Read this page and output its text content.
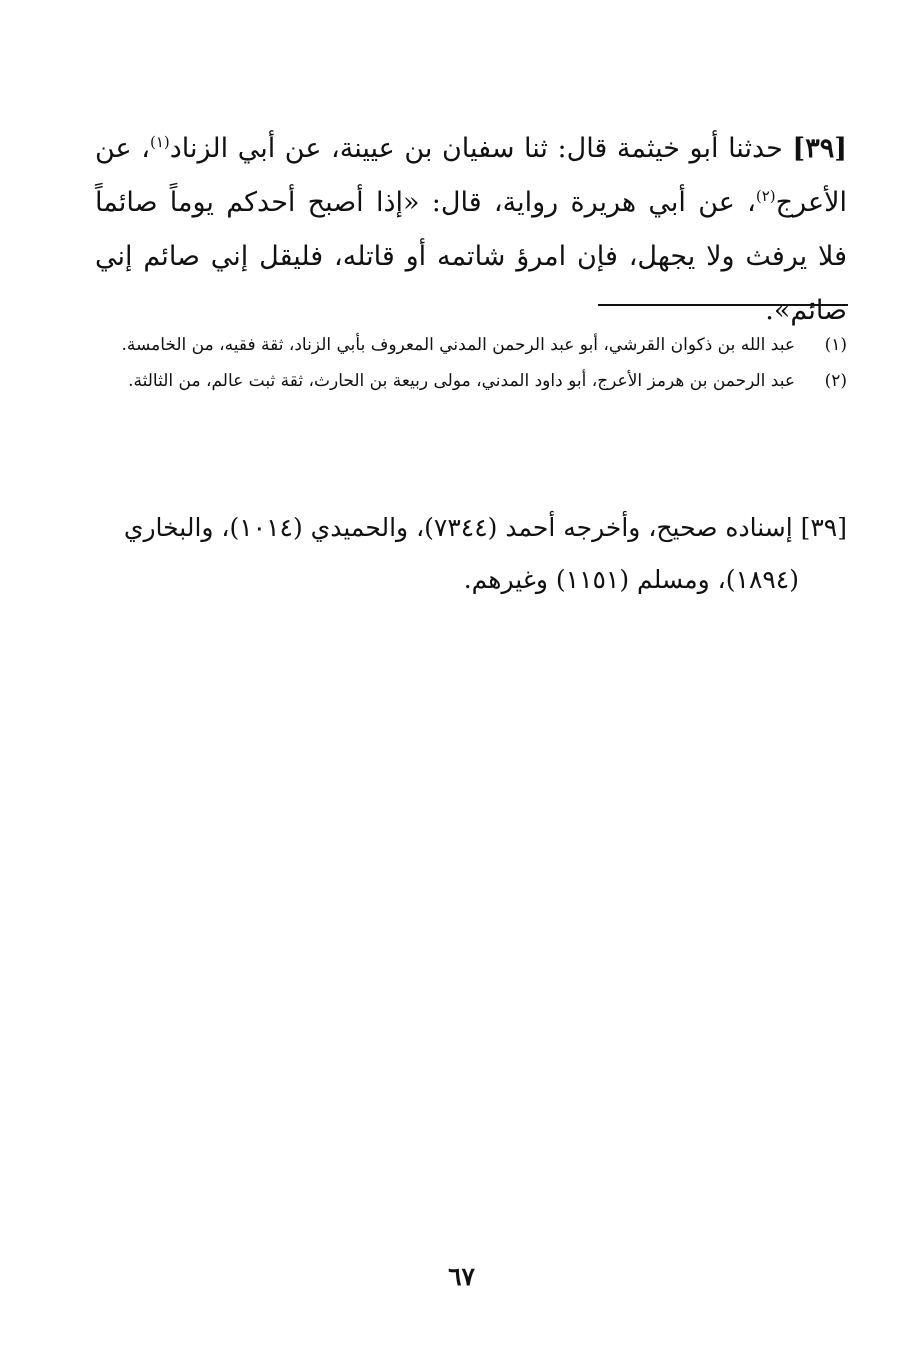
[٣٩] حدثنا أبو خيثمة قال: ثنا سفيان بن عيينة، عن أبي الزناد$^{(١)}$، عن الأعرج$^{(٢)}$، عن أبي هريرة رواية، قال: «إذا أصبح أحدكم يوماً صائماً فلا يرفث ولا يجهل، فإن امرؤ شاتمه أو قاتله، فليقل إني صائم إني صائم».
(١)
عبد الله بن ذكوان القرشي، أبو عبد الرحمن المدني المعروف بأبي الزناد، ثقة فقيه، من الخامسة.
(٢)
عبد الرحمن بن هرمز الأعرج، أبو داود المدني، مولى ربيعة بن الحارث، ثقة ثبت عالم، من الثالثة.
[٣٩] إسناده صحيح، وأخرجه أحمد (٧٣٤٤)، والحميدي (١٠١٤)، والبخاري
(١٨٩٤)، ومسلم (١١٥١) وغيرهم.
٦٧
